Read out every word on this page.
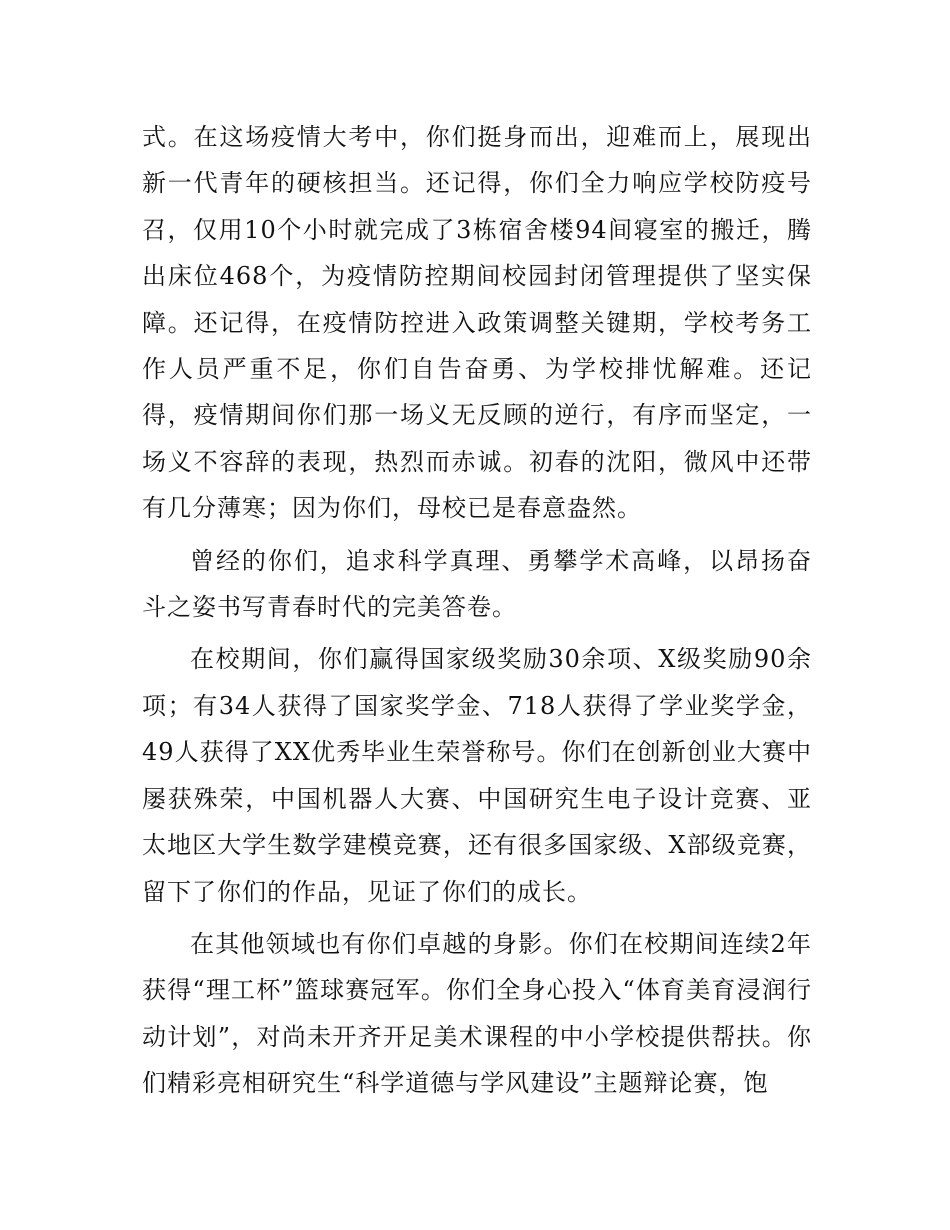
式。在这场疫情大考中，你们挺身而出，迎难而上，展现出新一代青年的硬核担当。还记得，你们全力响应学校防疫号召，仅用10个小时就完成了3栋宿舍楼94间寝室的搬迁，腾出床位468个，为疫情防控期间校园封闭管理提供了坚实保障。还记得，在疫情防控进入政策调整关键期，学校考务工作人员严重不足，你们自告奋勇、为学校排忧解难。还记得，疫情期间你们那一场义无反顾的逆行，有序而坚定，一场义不容辞的表现，热烈而赤诚。初春的沈阳，微风中还带有几分薄寒；因为你们，母校已是春意盎然。

曾经的你们，追求科学真理、勇攀学术高峰，以昂扬奋斗之姿书写青春时代的完美答卷。

在校期间，你们赢得国家级奖励30余项、X级奖励90余项；有34人获得了国家奖学金、718人获得了学业奖学金，49人获得了XX优秀毕业生荣誉称号。你们在创新创业大赛中屡获殊荣，中国机器人大赛、中国研究生电子设计竞赛、亚太地区大学生数学建模竞赛，还有很多国家级、X部级竞赛，留下了你们的作品，见证了你们的成长。

在其他领域也有你们卓越的身影。你们在校期间连续2年获得“理工杯”篮球赛冠军。你们全身心投入“体育美育浸润行动计划”，对尚未开齐开足美术课程的中小学校提供帮扶。你们精彩亮相研究生“科学道德与学风建设”主题辩论赛，饱
